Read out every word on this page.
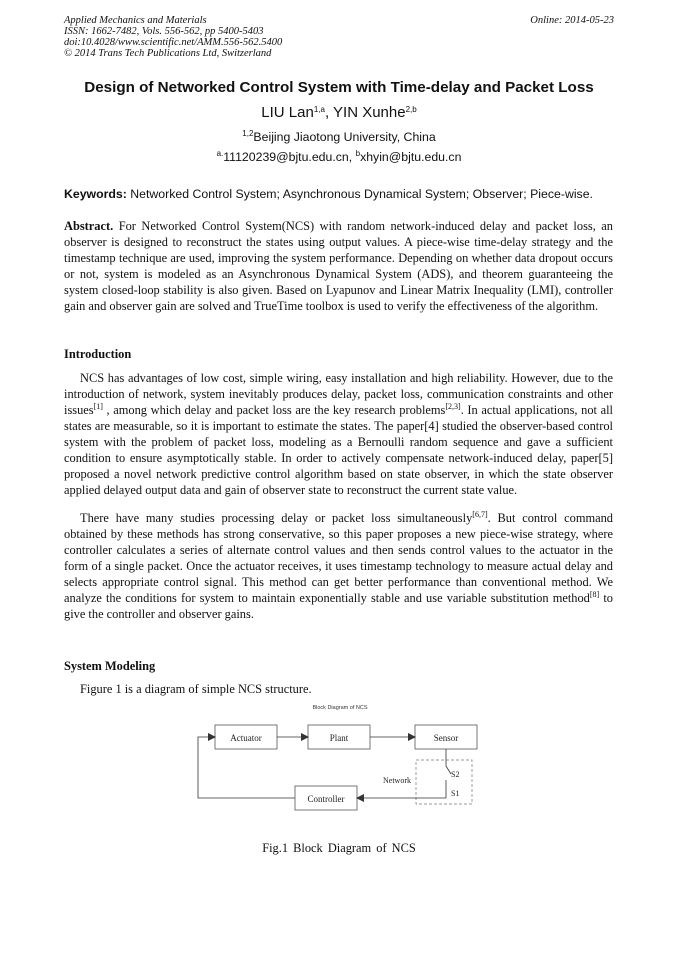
Applied Mechanics and Materials
ISSN: 1662-7482, Vols. 556-562, pp 5400-5403
doi:10.4028/www.scientific.net/AMM.556-562.5400
© 2014 Trans Tech Publications Ltd, Switzerland
Online: 2014-05-23
Design of Networked Control System with Time-delay and Packet Loss
LIU Lan$^{1,a}$, YIN Xunhe$^{2,b}$
$^{1,2}$Beijing Jiaotong University, China
$^{a.}$11120239@bjtu.edu.cn, $^b$xhyin@bjtu.edu.cn
Keywords: Networked Control System; Asynchronous Dynamical System; Observer; Piece-wise.
Abstract. For Networked Control System(NCS) with random network-induced delay and packet loss, an observer is designed to reconstruct the states using output values. A piece-wise time-delay strategy and the timestamp technique are used, improving the system performance. Depending on whether data dropout occurs or not, system is modeled as an Asynchronous Dynamical System (ADS), and theorem guaranteeing the system closed-loop stability is also given. Based on Lyapunov and Linear Matrix Inequality (LMI), controller gain and observer gain are solved and TrueTime toolbox is used to verify the effectiveness of the algorithm.
Introduction
NCS has advantages of low cost, simple wiring, easy installation and high reliability. However, due to the introduction of network, system inevitably produces delay, packet loss, communication constraints and other issues[1] , among which delay and packet loss are the key research problems[2,3]. In actual applications, not all states are measurable, so it is important to estimate the states. The paper[4] studied the observer-based control system with the problem of packet loss, modeling as a Bernoulli random sequence and gave a sufficient condition to ensure asymptotically stable. In order to actively compensate network-induced delay, paper[5] proposed a novel network predictive control algorithm based on state observer, in which the state observer applied delayed output data and gain of observer state to reconstruct the current state value.
There have many studies processing delay or packet loss simultaneously[6,7]. But control command obtained by these methods has strong conservative, so this paper proposes a new piece-wise strategy, where controller calculates a series of alternate control values and then sends control values to the actuator in the form of a single packet. Once the actuator receives, it uses timestamp technology to measure actual delay and selects appropriate control signal. This method can get better performance than conventional method. We analyze the conditions for system to maintain exponentially stable and use variable substitution method[8] to give the controller and observer gains.
System Modeling
Figure 1 is a diagram of simple NCS structure.
Block Diagram of NCS
Actuator	Plant	Sensor
Controller
Network
S2
S1
Fig.1 Block Diagram of NCS
